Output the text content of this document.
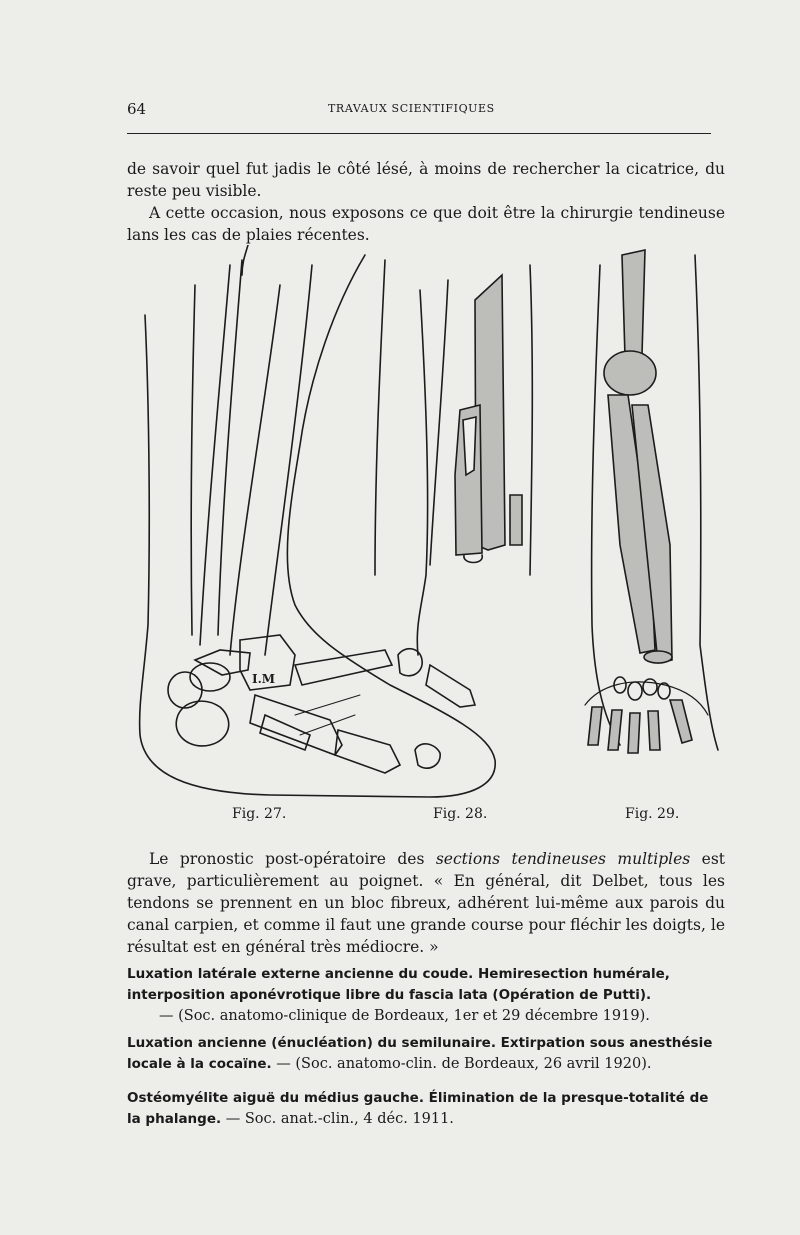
64	TRAVAUX SCIENTIFIQUES

de savoir quel fut jadis le côté lésé, à moins de rechercher la cicatrice, du reste peu visible.

A cette occasion, nous exposons ce que doit être la chirurgie tendineuse lans les cas de plaies récentes.

I.M
Fig. 27.	Fig. 28.	Fig. 29.

Le pronostic post-opératoire des sections tendineuses multiples est grave, particulièrement au poignet. « En général, dit Delbet, tous les tendons se prennent en un bloc fibreux, adhérent lui-même aux parois du canal carpien, et comme il faut une grande course pour fléchir les doigts, le résultat est en général très médiocre. »

Luxation latérale externe ancienne du coude. Hemiresection humérale, interposition aponévrotique libre du fascia lata (Opération de Putti).
— (Soc. anatomo-clinique de Bordeaux, 1er et 29 décembre 1919).

Luxation ancienne (énucléation) du semilunaire. Extirpation sous anesthésie locale à la cocaïne. — (Soc. anatomo-clin. de Bordeaux, 26 avril 1920).

Ostéomyélite aiguë du médius gauche. Élimination de la presque-totalité de la phalange. — Soc. anat.-clin., 4 déc. 1911.
